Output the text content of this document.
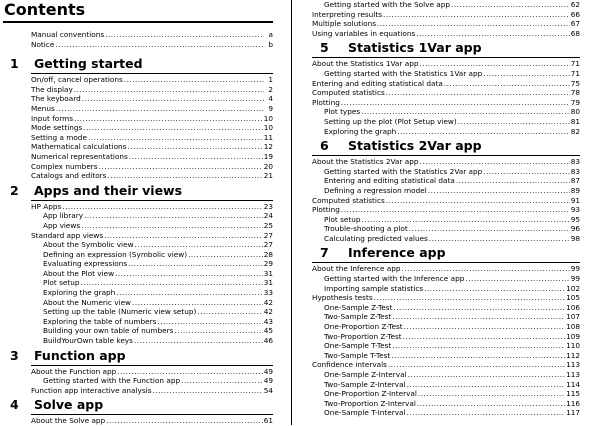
Contents
Manual conventions .....	a
Notice .....	b
1	Getting started
On/off, cancel operations .....	1
The display .....	2
The keyboard .....	4
Menus .....	9
Input forms .....	10
Mode settings .....	10
Setting a mode .....	11
Mathematical calculations .....	12
Numerical representations .....	19
Complex numbers .....	20
Catalogs and editors .....	21
2	Apps and their views
HP Apps .....	23
App library .....	24
App views .....	25
Standard app views .....	27
About the Symbolic view .....	27
Defining an expression (Symbolic view) .....	28
Evaluating expressions .....	29
About the Plot view .....	31
Plot setup .....	31
Exploring the graph .....	33
About the Numeric view .....	42
Setting up the table (Numeric view setup) .....	42
Exploring the table of numbers .....	43
Building your own table of numbers .....	45
BuildYourOwn table keys .....	46
3	Function app
About the Function app .....	49
Getting started with the Function app .....	49
Function app interactive analysis .....	54
4	Solve app
About the Solve app .....	61
Getting started with the Solve app .....	62
Interpreting results .....	66
Multiple solutions .....	67
Using variables in equations .....	68
5	Statistics 1Var app
About the Statistics 1Var app .....	71
Getting started with the Statistics 1Var app .....	71
Entering and editing statistical data .....	75
Computed statistics .....	78
Plotting .....	79
Plot types .....	80
Setting up the plot (Plot Setup view) .....	81
Exploring the graph .....	82
6	Statistics 2Var app
About the Statistics 2Var app .....	83
Getting started with the Statistics 2Var app .....	83
Entering and editing statistical data .....	87
Defining a regression model .....	89
Computed statistics .....	91
Plotting .....	93
Plot setup .....	95
Trouble-shooting a plot .....	96
Calculating predicted values .....	98
7	Inference app
About the Inference app .....	99
Getting started with the Inference app .....	99
Importing sample statistics .....	102
Hypothesis tests .....	105
One-Sample Z-Test .....	106
Two-Sample Z-Test .....	107
One-Proportion Z-Test .....	108
Two-Proportion Z-Test .....	109
One-Sample T-Test .....	110
Two-Sample T-Test .....	112
Confidence intervals .....	113
One-Sample Z-Interval .....	113
Two-Sample Z-Interval .....	114
One-Proportion Z-Interval .....	115
Two-Proportion Z-Interval .....	116
One-Sample T-Interval .....	117
